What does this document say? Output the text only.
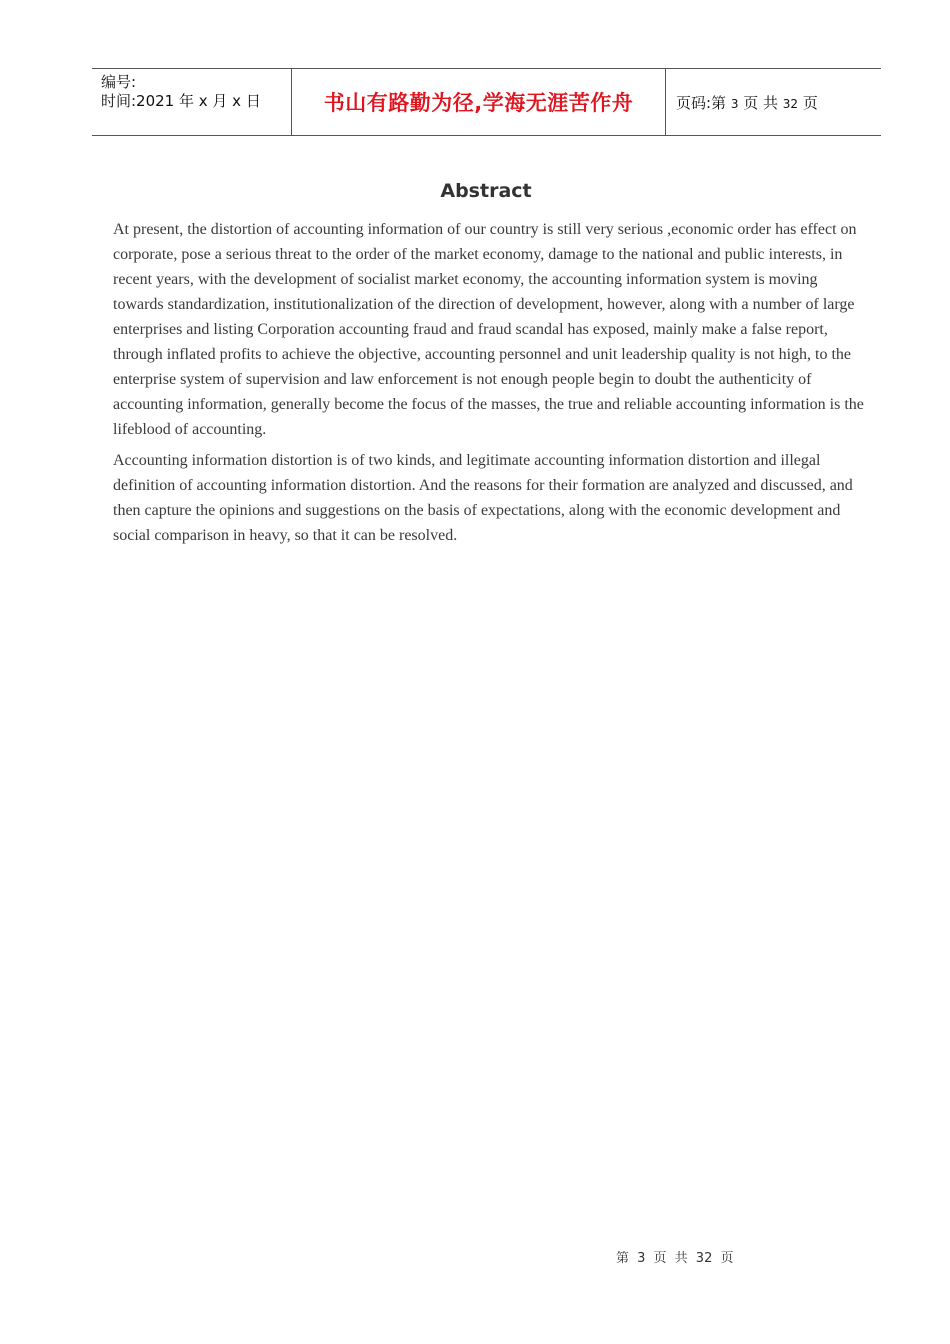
编号:
时间:2021 年 x 月 x 日	书山有路勤为径,学海无涯苦作舟	页码:第 3 页 共 32 页
Abstract

At present, the distortion of accounting information of our country is still very serious ,economic order has effect on corporate, pose a serious threat to the order of the market economy, damage to the national and public interests, in recent years, with the development of socialist market economy, the accounting information system is moving towards standardization, institutionalization of the direction of development, however, along with a number of large enterprises and listing Corporation accounting fraud and fraud scandal has exposed, mainly make a false report, through inflated profits to achieve the objective, accounting personnel and unit leadership quality is not high, to the enterprise system of supervision and law enforcement is not enough people begin to doubt the authenticity of accounting information, generally become the focus of the masses, the true and reliable accounting information is the lifeblood of accounting.

Accounting information distortion is of two kinds, and legitimate accounting information distortion and illegal definition of accounting information distortion. And the reasons for their formation are analyzed and discussed, and then capture the opinions and suggestions on the basis of expectations, along with the economic development and social comparison in heavy, so that it can be resolved.

第 3 页 共 32 页
